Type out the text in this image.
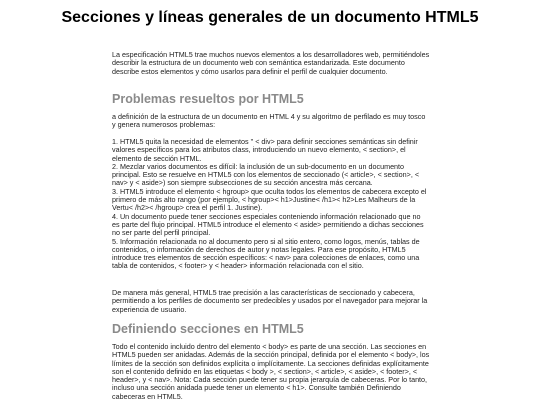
Secciones y líneas generales de un documento HTML5

La especificación HTML5 trae muchos nuevos elementos a los desarrolladores web, permitiéndoles describir la estructura de un documento web con semántica estandarizada. Este documento describe estos elementos y cómo usarlos para definir el perfil de cualquier documento.

Problemas resueltos por HTML5

a definición de la estructura de un documento en HTML 4 y su algoritmo de perfilado es muy tosco y genera numerosos problemas:

1. HTML5 quita la necesidad de elementos " < div> para definir secciones semánticas sin definir valores específicos para los atributos class, introduciendo un nuevo elemento, < section>, el elemento de sección HTML.
2. Mezclar varios documentos es difícil: la inclusión de un sub-documento en un documento principal. Esto se resuelve en HTML5 con los elementos de seccionado (< article>, < section>, < nav> y < aside>) son siempre subsecciones de su sección ancestra más cercana.
3. HTML5 introduce el elemento < hgroup> que oculta todos los elementos de cabecera excepto el primero de más alto rango (por ejemplo, < hgroup>< h1>Justine< /h1>< h2>Les Malheurs de la Vertu< /h2>< /hgroup> crea el perfil 1. Justine).
4. Un documento puede tener secciones especiales conteniendo información relacionado que no es parte del flujo principal. HTML5 introduce el elemento < aside> permitiendo a dichas secciones no ser parte del perfil principal.
5. Información relacionada no al documento pero si al sitio entero, como logos, menús, tablas de contenidos, o información de derechos de autor y notas legales. Para ese propósito, HTML5 introduce tres elementos de sección específicos: < nav> para colecciones de enlaces, como una tabla de contenidos, < footer> y < header> información relacionada con el sitio.

De manera más general, HTML5 trae precisión a las características de seccionado y cabecera, permitiendo a los perfiles de documento ser predecibles y usados por el navegador para mejorar la experiencia de usuario.

Definiendo secciones en HTML5

Todo el contenido incluido dentro del elemento < body> es parte de una sección. Las secciones en HTML5 pueden ser anidadas. Además de la sección principal, definida por el elemento < body>, los límites de la sección son definidos explícita o implícitamente. La secciones definidas explícitamente son el contenido definido en las etiquetas < body >, < section>, < article>, < aside>, < footer>, < header>, y < nav>. Nota: Cada sección puede tener su propia jerarquía de cabeceras. Por lo tanto, incluso una sección anidada puede tener un elemento < h1>. Consulte también Definiendo cabeceras en HTML5.
